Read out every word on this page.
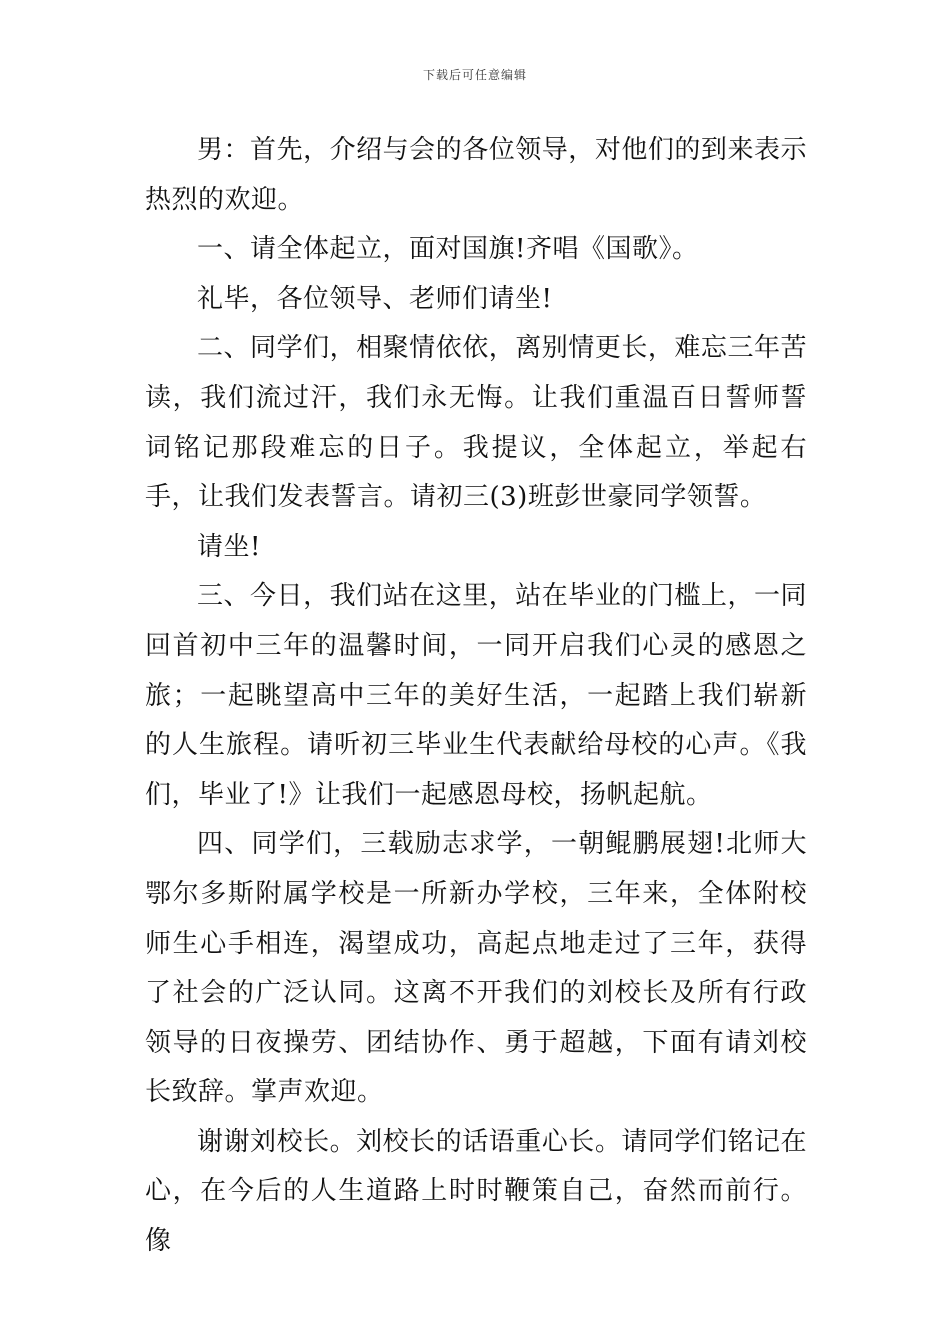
下载后可任意编辑

男：首先，介绍与会的各位领导，对他们的到来表示热烈的欢迎。

一、请全体起立，面对国旗!齐唱《国歌》。

礼毕，各位领导、老师们请坐!

二、同学们，相聚情依依，离别情更长，难忘三年苦读，我们流过汗，我们永无悔。让我们重温百日誓师誓词铭记那段难忘的日子。我提议，全体起立，举起右手，让我们发表誓言。请初三(3)班彭世豪同学领誓。

请坐!

三、今日，我们站在这里，站在毕业的门槛上，一同回首初中三年的温馨时间，一同开启我们心灵的感恩之旅；一起眺望高中三年的美好生活，一起踏上我们崭新的人生旅程。请听初三毕业生代表献给母校的心声。《我们，毕业了!》让我们一起感恩母校，扬帆起航。

四、同学们，三载励志求学，一朝鲲鹏展翅!北师大鄂尔多斯附属学校是一所新办学校，三年来，全体附校师生心手相连，渴望成功，高起点地走过了三年，获得了社会的广泛认同。这离不开我们的刘校长及所有行政领导的日夜操劳、团结协作、勇于超越，下面有请刘校长致辞。掌声欢迎。

谢谢刘校长。刘校长的话语重心长。请同学们铭记在心，在今后的人生道路上时时鞭策自己，奋然而前行。像
